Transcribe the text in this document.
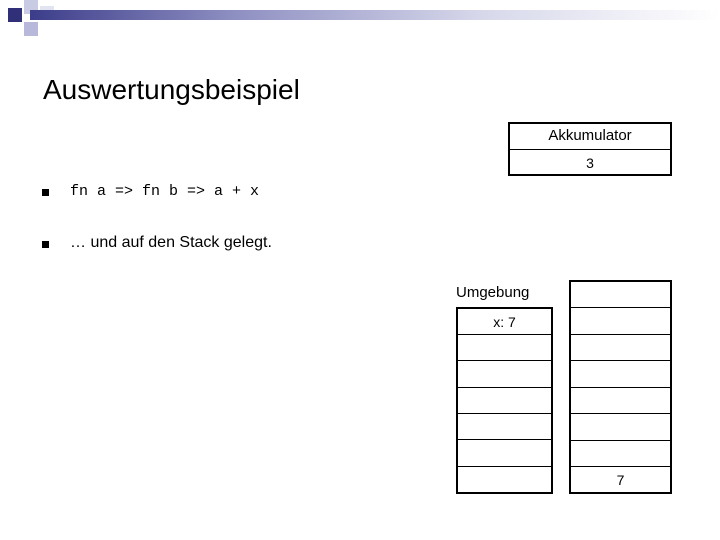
Auswertungsbeispiel
Akkumulator
3
fn a => fn b => a + x
… und auf den Stack gelegt.
Umgebung
x: 7
7
